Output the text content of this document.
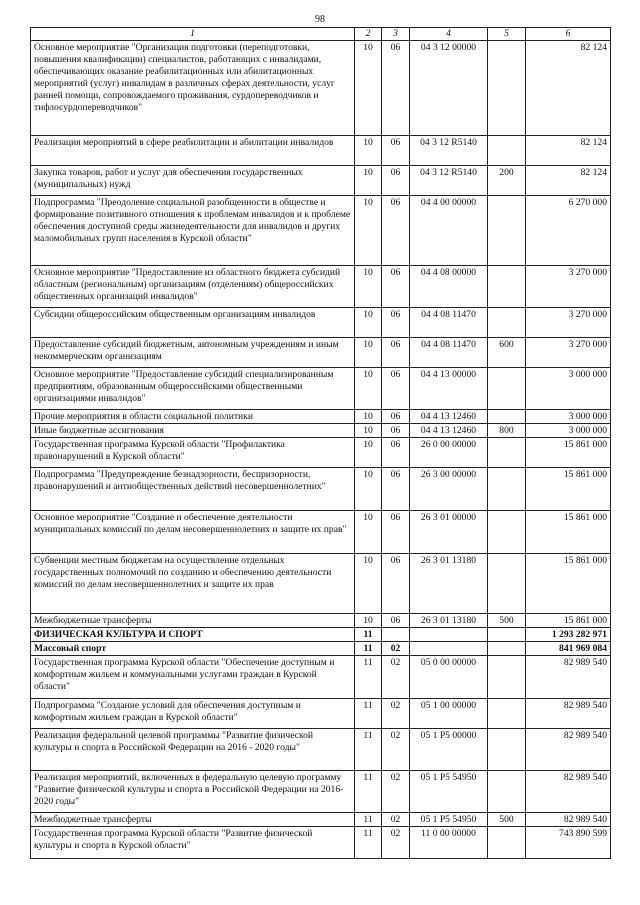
98
1	2	3	4	5	6
Основное мероприятие "Организация подготовки (переподготовки, повышения квалификации) специалистов, работающих с инвалидами, обеспечивающих оказание реабилитационных или абилитационных мероприятий (услуг) инвалидам в различных сферах деятельности, услуг ранней помощи, сопровождаемого проживания, сурдопереводчиков и тифлосурдопереводчиков"	10	06	04 3 12 00000		82 124
Реализация мероприятий в сфере реабилитации и абилитации инвалидов	10	06	04 3 12 R5140		82 124
Закупка товаров, работ и услуг для обеспечения государственных (муниципальных) нужд	10	06	04 3 12 R5140	200	82 124
Подпрограмма "Преодоление социальной разобщенности в обществе и формирование позитивного отношения к проблемам инвалидов и к проблеме обеспечения доступной среды жизнедеятельности для инвалидов и других маломобильных групп населения в Курской области"	10	06	04 4 00 00000		6 270 000
Основное мероприятие "Предоставление из областного бюджета субсидий областным (региональным) организациям (отделениям) общероссийских общественных организаций инвалидов"	10	06	04 4 08 00000		3 270 000
Субсидии общероссийским общественным организациям инвалидов	10	06	04 4 08 11470		3 270 000
Предоставление субсидий бюджетным, автономным учреждениям и иным некоммерческим организациям	10	06	04 4 08 11470	600	3 270 000
Основное мероприятие "Предоставление субсидий специализированным предприятиям, образованным общероссийскими общественными организациями инвалидов"	10	06	04 4 13 00000		3 000 000
Прочие мероприятия в области социальной политики	10	06	04 4 13 12460		3 000 000
Иные бюджетные ассигнования	10	06	04 4 13 12460	800	3 000 000
Государственная программа Курской области "Профилактика правонарушений в Курской области"	10	06	26 0 00 00000		15 861 000
Подпрограмма "Предупреждение безнадзорности, беспризорности, правонарушений и антиобщественных действий несовершеннолетних"	10	06	26 3 00 00000		15 861 000
Основное мероприятие "Создание и обеспечение деятельности муниципальных комиссий по делам несовершеннолетних и защите их прав"	10	06	26 3 01 00000		15 861 000
Субвенции местным бюджетам на осуществление отдельных государственных полномочий по созданию и обеспечению деятельности комиссий по делам несовершеннолетних и защите их прав	10	06	26 3 01 13180		15 861 000
Межбюджетные трансферты	10	06	26 3 01 13180	500	15 861 000
ФИЗИЧЕСКАЯ КУЛЬТУРА И СПОРТ	11				1 293 282 971
Массовый спорт	11	02			841 969 084
Государственная программа Курской области "Обеспечение доступным и комфортным жильем и коммунальными услугами граждан в Курской области"	11	02	05 0 00 00000		82 989 540
Подпрограмма "Создание условий для обеспечения доступным и комфортным жильем граждан в Курской области"	11	02	05 1 00 00000		82 989 540
Реализация федеральной целевой программы "Развитие физической культуры и спорта в Российской Федерации на 2016 - 2020 годы"	11	02	05 1 P5 00000		82 989 540
Реализация мероприятий, включенных в федеральную целевую программу "Развитие физической культуры и спорта в Российской Федерации на 2016-2020 годы"	11	02	05 1 P5 54950		82 989 540
Межбюджетные трансферты	11	02	05 1 P5 54950	500	82 989 540
Государственная программа Курской области "Развитие физической культуры и спорта в Курской области"	11	02	11 0 00 00000		743 890 599
